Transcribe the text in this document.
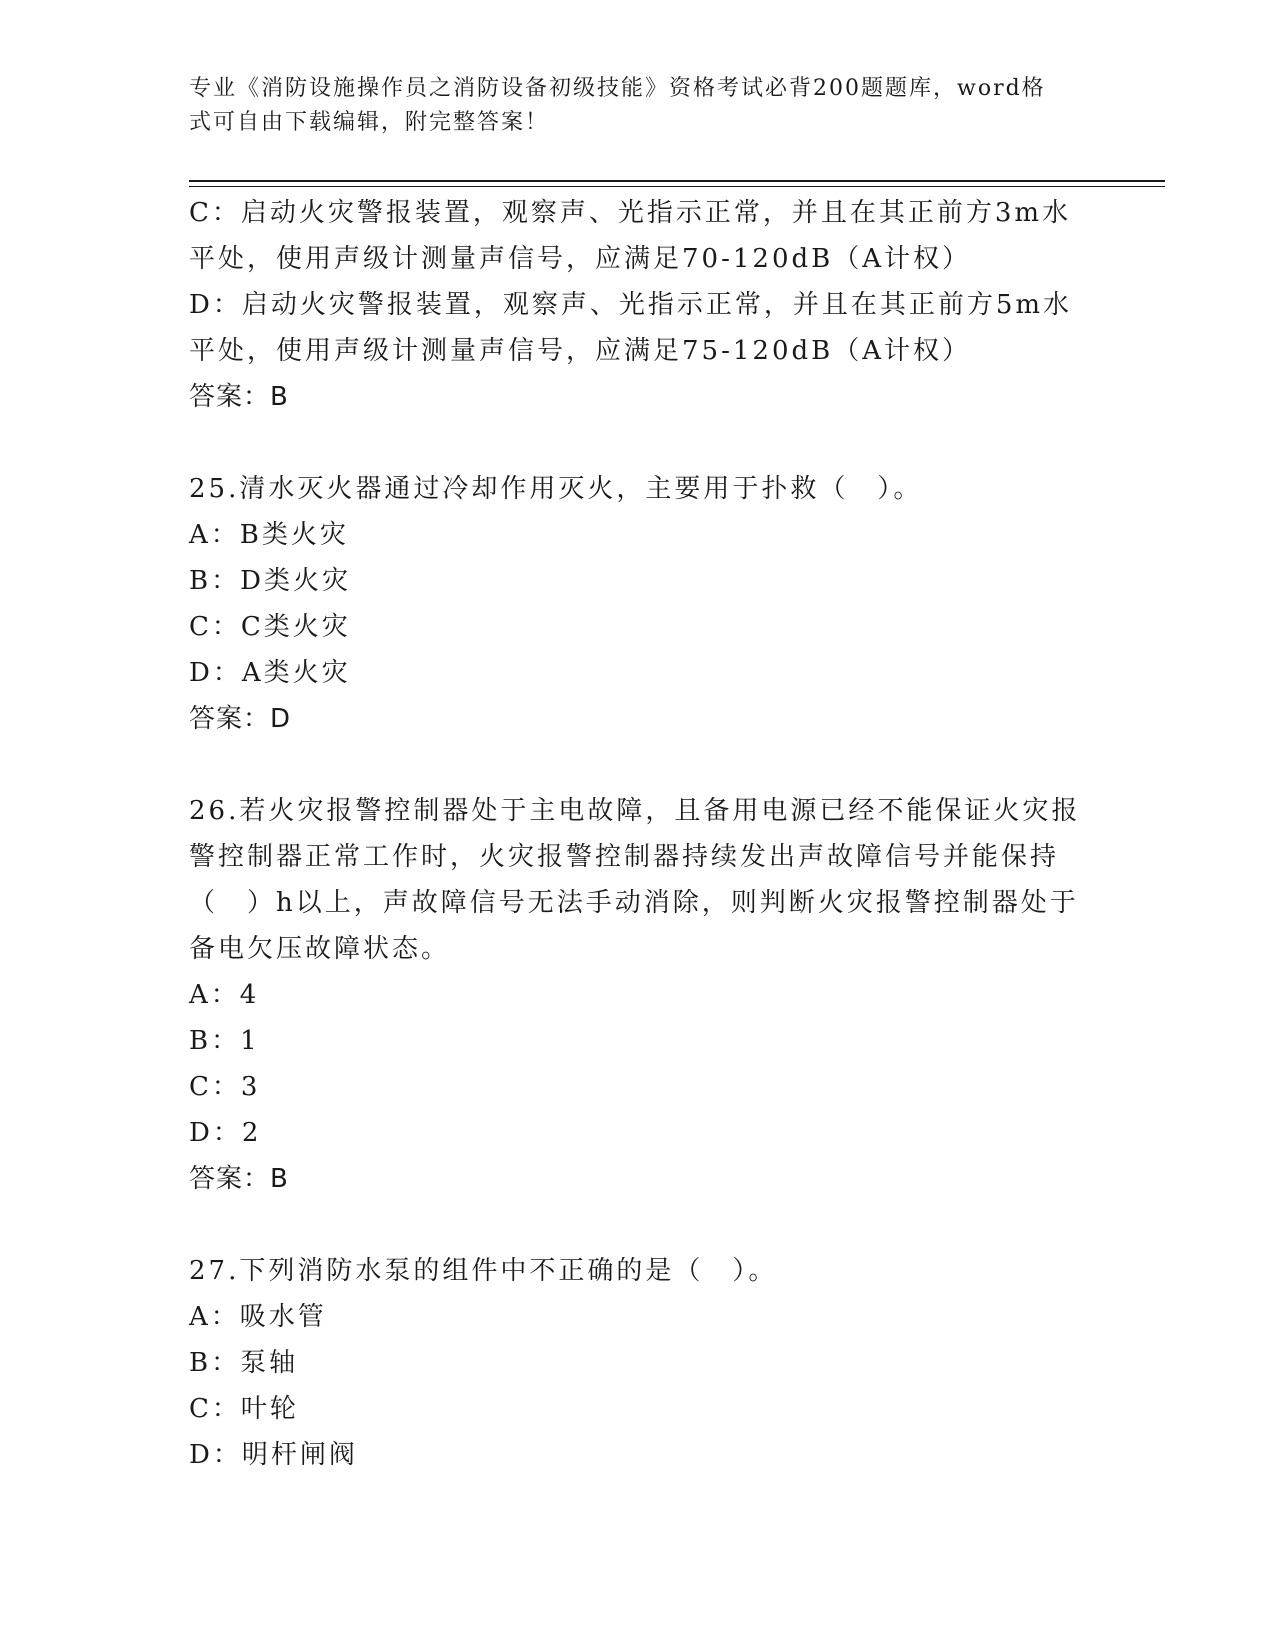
专业《消防设施操作员之消防设备初级技能》资格考试必背200题题库，word格
式可自由下载编辑，附完整答案！
C：启动火灾警报装置，观察声、光指示正常，并且在其正前方3m水
平处，使用声级计测量声信号，应满足70-120dB（A计权）
D：启动火灾警报装置，观察声、光指示正常，并且在其正前方5m水
平处，使用声级计测量声信号，应满足75-120dB（A计权）
答案：B
25.清水灭火器通过冷却作用灭火，主要用于扑救（　）。
A：B类火灾
B：D类火灾
C：C类火灾
D：A类火灾
答案：D
26.若火灾报警控制器处于主电故障，且备用电源已经不能保证火灾报
警控制器正常工作时，火灾报警控制器持续发出声故障信号并能保持
（　）h以上，声故障信号无法手动消除，则判断火灾报警控制器处于
备电欠压故障状态。
A：4
B：1
C：3
D：2
答案：B
27.下列消防水泵的组件中不正确的是（　）。
A：吸水管
B：泵轴
C：叶轮
D：明杆闸阀
